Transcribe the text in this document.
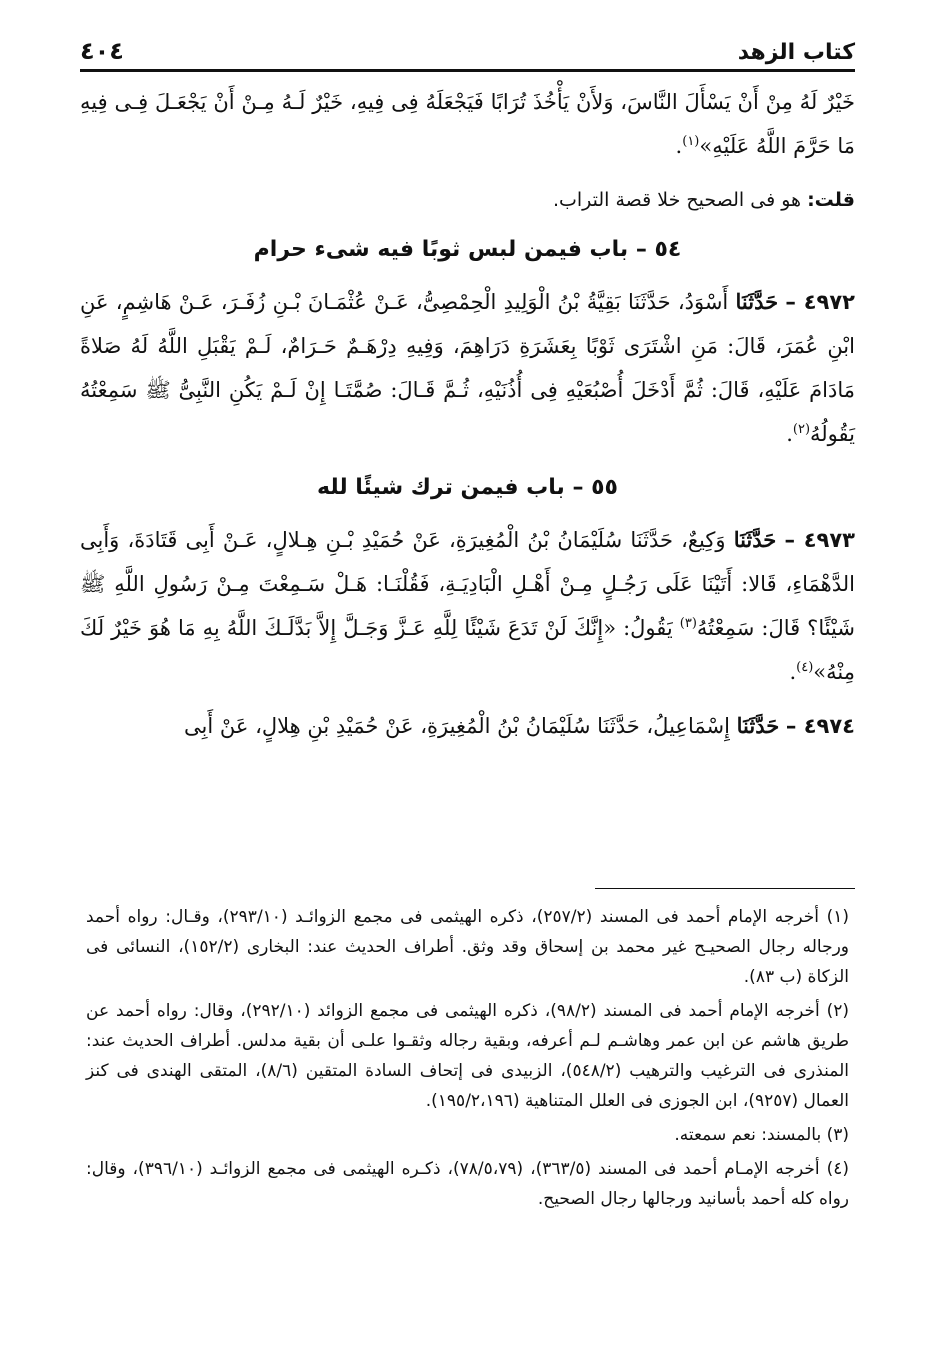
كتاب الزهد
٤٠٤

خَيْرٌ لَهُ مِنْ أَنْ يَسْأَلَ النَّاسَ، وَلأَنْ يَأْخُذَ تُرَابًا فَيَجْعَلَهُ فِى فِيهِ، خَيْرٌ لَـهُ مِـنْ أَنْ يَجْعَـلَ فِـى فِيهِ مَا حَرَّمَ اللَّهُ عَلَيْهِ»$^{(١)}$.

قلت: هو فى الصحيح خلا قصة التراب.

٥٤ – باب فيمن لبس ثوبًا فيه شىء حرام

٤٩٧٢ – حَدَّثَنَا أَسْوَدُ، حَدَّثَنَا بَقِيَّةُ بْنُ الْوَلِيدِ الْحِمْصِىُّ، عَـنْ عُثْمَـانَ بْـنِ زُفَـرَ، عَـنْ هَاشِمٍ، عَنِ ابْنِ عُمَرَ، قَالَ: مَنِ اشْتَرَى ثَوْبًا بِعَشَرَةِ دَرَاهِمَ، وَفِيهِ دِرْهَـمٌ حَـرَامٌ، لَـمْ يَقْبَلِ اللَّهُ لَهُ صَلاةً مَادَامَ عَلَيْهِ، قَالَ: ثُمَّ أَدْخَلَ أُصْبُعَيْهِ فِى أُذُنَيْهِ، ثُـمَّ قَـالَ: صُمَّتَـا إِنْ لَـمْ يَكُنِ النَّبِىُّ ﷺ سَمِعْتُهُ يَقُولُهُ$^{(٢)}$.

٥٥ – باب فيمن ترك شيئًا لله

٤٩٧٣ – حَدَّثَنَا وَكِيعٌ، حَدَّثَنَا سُلَيْمَانُ بْنُ الْمُغِيرَةِ، عَنْ حُمَيْدِ بْـنِ هِـلالٍ، عَـنْ أَبِى قَتَادَةَ، وَأَبِى الدَّهْمَاءِ، قَالا: أَتَيْنَا عَلَى رَجُـلٍ مِـنْ أَهْـلِ الْبَادِيَـةِ، فَقُلْنَـا: هَـلْ سَـمِعْتَ مِـنْ رَسُولِ اللَّهِ ﷺ شَيْئًا؟ قَالَ: سَمِعْتُهُ$^{(٣)}$ يَقُولُ: «إِنَّكَ لَنْ تَدَعَ شَيْئًا لِلَّهِ عَـزَّ وَجَـلَّ إِلاَّ بَدَّلَـكَ اللَّهُ بِهِ مَا هُوَ خَيْرٌ لَكَ مِنْهُ»$^{(٤)}$.

٤٩٧٤ – حَدَّثَنَا إِسْمَاعِيلُ، حَدَّثَنَا سُلَيْمَانُ بْنُ الْمُغِيرَةِ، عَنْ حُمَيْدِ بْنِ هِلالٍ، عَنْ أَبِى

(١) أخرجه الإمام أحمد فى المسند (٢٥٧/٢)، ذكره الهيثمى فى مجمع الزوائـد (٢٩٣/١٠)، وقـال: رواه أحمد ورجاله رجال الصحيـح غير محمد بن إسحاق وقد وثق. أطراف الحديث عند: البخارى (١٥٢/٢)، النسائى فى الزكاة (ب ٨٣).

(٢) أخرجه الإمام أحمد فى المسند (٩٨/٢)، ذكره الهيثمى فى مجمع الزوائد (٢٩٢/١٠)، وقال: رواه أحمد عن طريق هاشم عن ابن عمر وهاشـم لـم أعرفه، وبقية رجاله وثقـوا علـى أن بقية مدلس. أطراف الحديث عند: المنذرى فى الترغيب والترهيب (٥٤٨/٢)، الزبيدى فى إتحاف السادة المتقين (٨/٦)، المتقى الهندى فى كنز العمال (٩٢٥٧)، ابن الجوزى فى العلل المتناهية (١٩٥/٢،١٩٦).

(٣) بالمسند: نعم سمعته.

(٤) أخرجه الإمـام أحمد فى المسند (٣٦٣/٥)، (٧٨/٥،٧٩)، ذكـره الهيثمى فى مجمع الزوائـد (٣٩٦/١٠)، وقال: رواه كله أحمد بأسانيد ورجالها رجال الصحيح.
